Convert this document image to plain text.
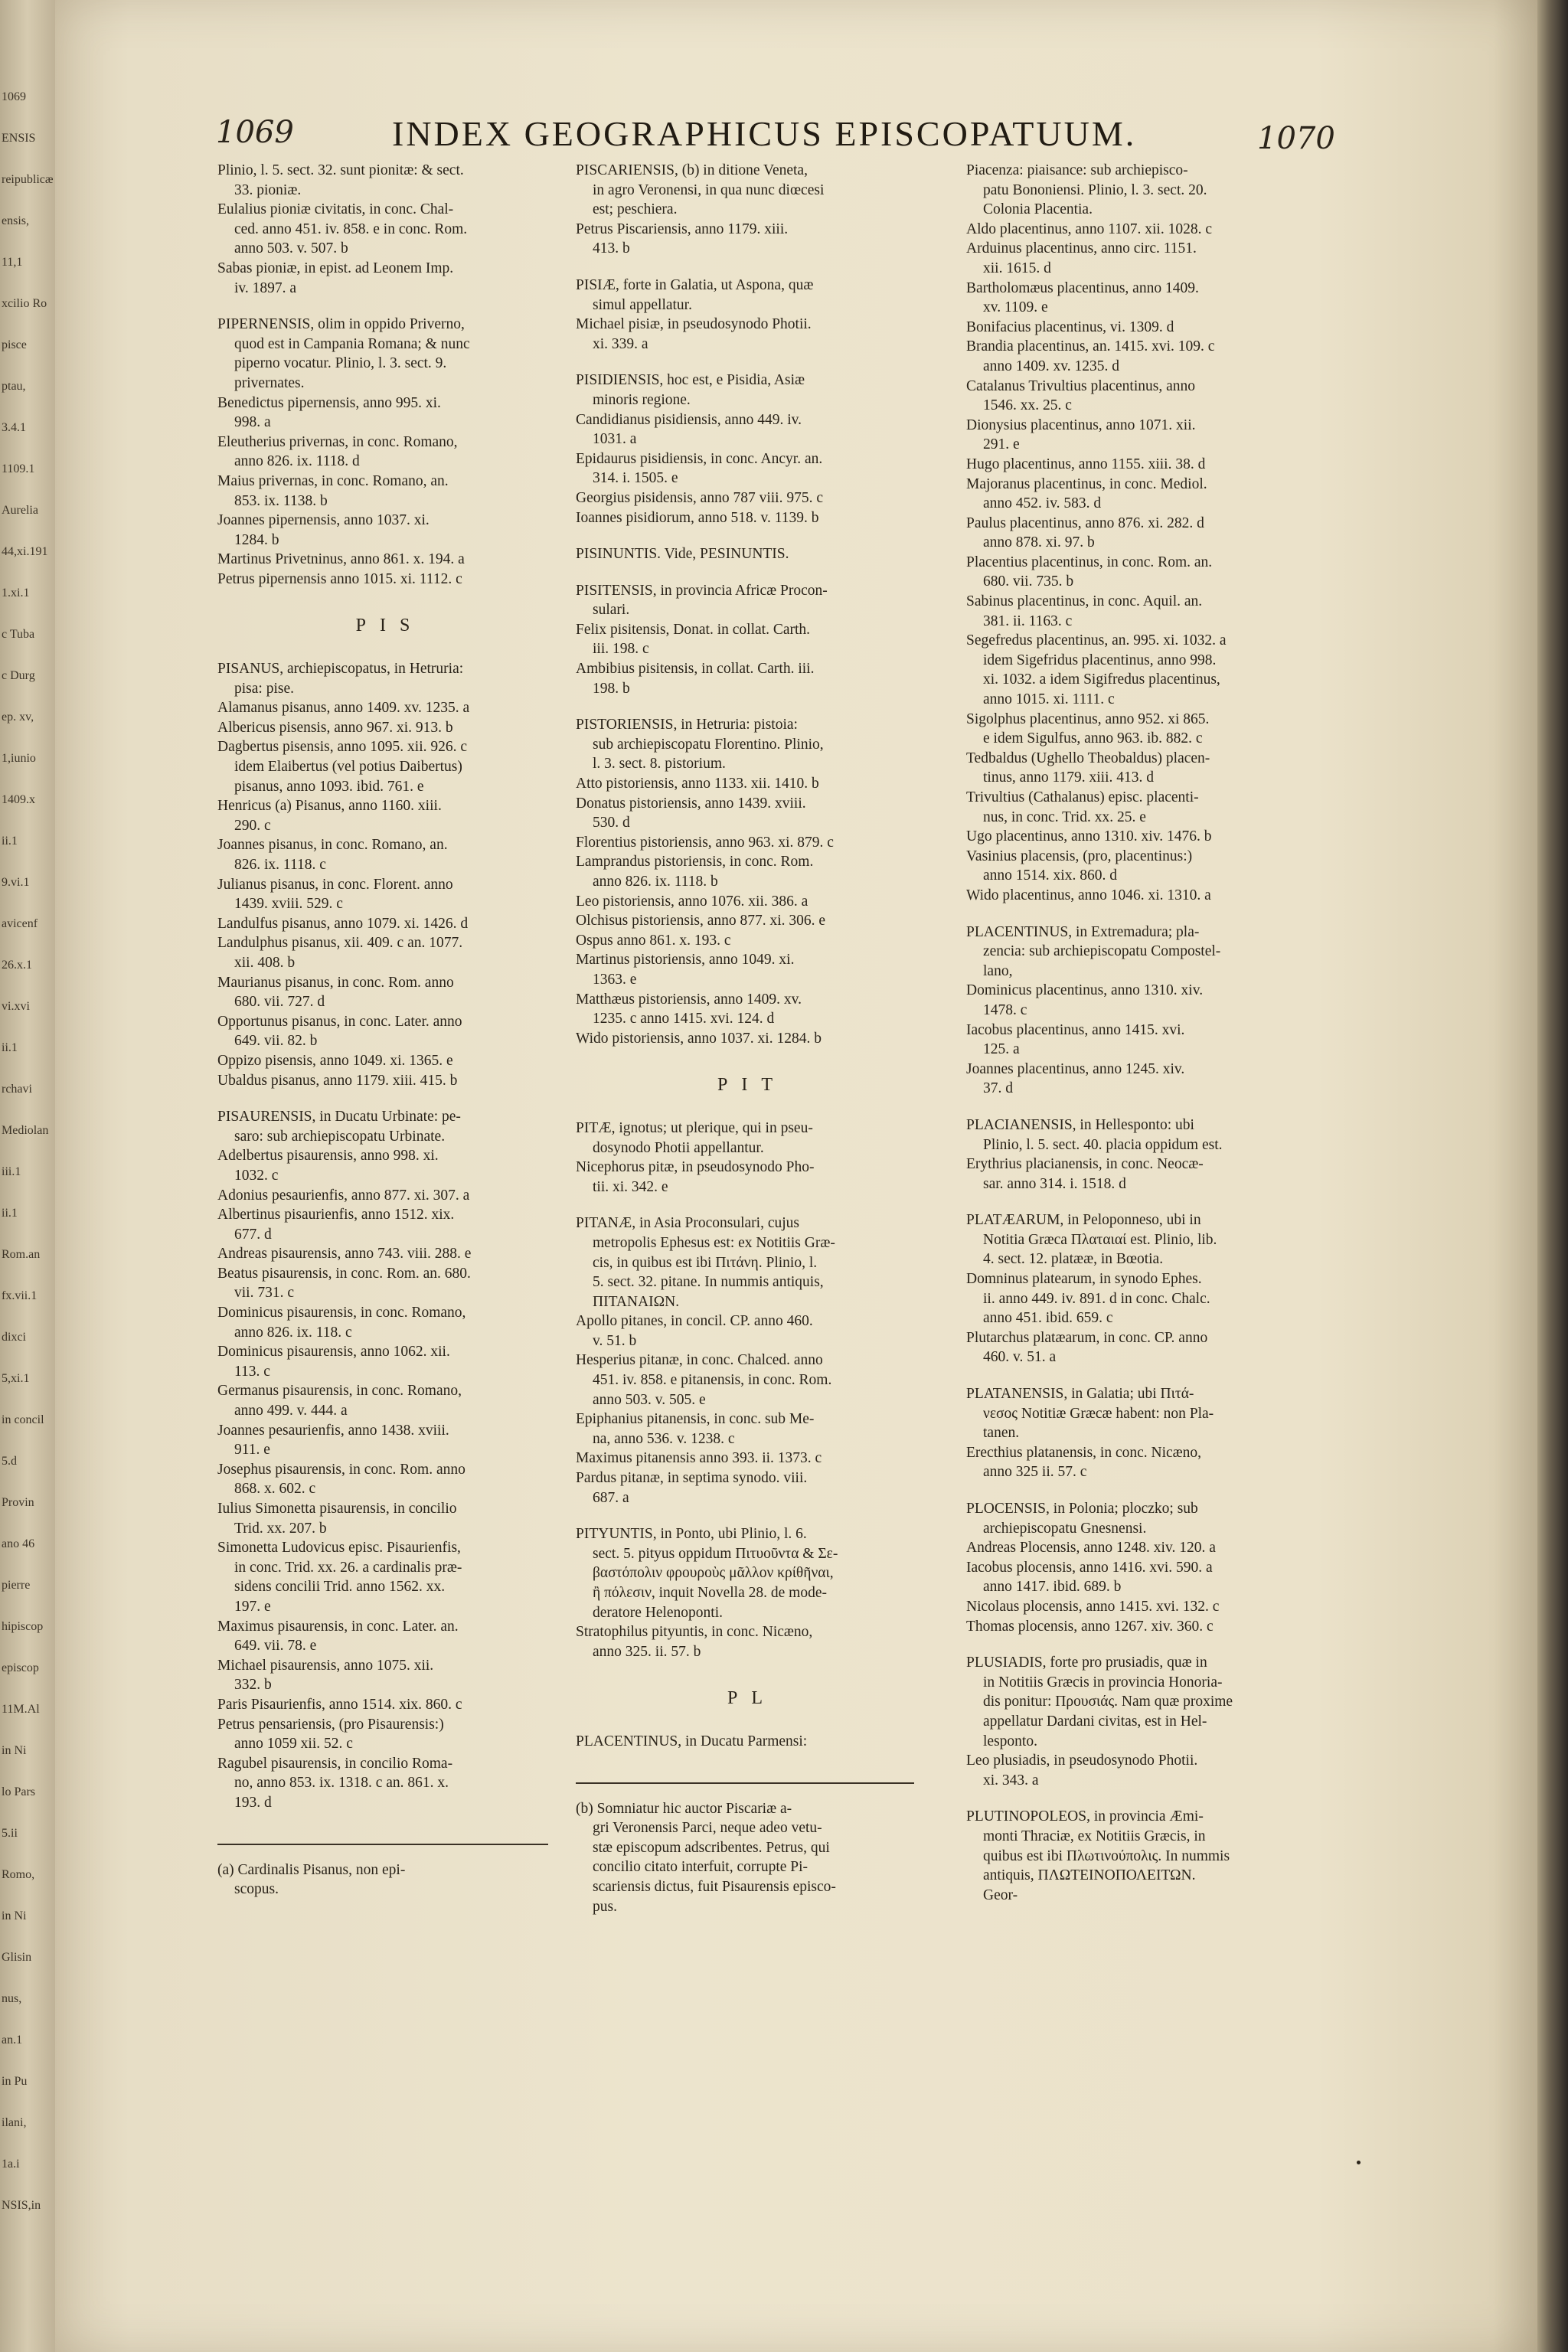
1069
ENSIS
reipublicæ
ensis,
11,1
xcilio Ro
pisce
ptau,
3.4.1
1109.1
Aurelia
44,xi.191
1.xi.1
c Tuba
c Durg
ep. xv,
1,iunio
1409.x
ii.1
9.vi.1
avicenf
26.x.1
vi.xvi
ii.1
rchavi
Mediolan
iii.1
ii.1
Rom.an
fx.vii.1
dixci
5,xi.1
in concil
5.d
Provin
ano 46
pierre
hipiscop
episcop
11M.Al
in Ni
lo Pars
5.ii
Romo,
in Ni
Glisin
nus,
an.1
in Pu
ilani,
1a.i
NSIS,in
1069	INDEX GEOGRAPHICUS EPISCOPATUUM.	1070
Plinio, l. 5. sect. 32. sunt pionitæ: & sect.
33. pioniæ.
Eulalius pioniæ civitatis, in conc. Chal-
ced. anno 451. iv. 858. e in conc. Rom.
anno 503. v. 507. b
Sabas pioniæ, in epist. ad Leonem Imp.
iv. 1897. a
PIPERNENSIS, olim in oppido Priverno,
quod est in Campania Romana; & nunc
piperno vocatur. Plinio, l. 3. sect. 9.
privernates.
Benedictus pipernensis, anno 995. xi.
998. a
Eleutherius privernas, in conc. Romano,
anno 826. ix. 1118. d
Maius privernas, in conc. Romano, an.
853. ix. 1138. b
Joannes pipernensis, anno 1037. xi.
1284. b
Martinus Privetninus, anno 861. x. 194. a
Petrus pipernensis anno 1015. xi. 1112. c
PIS
PISANUS, archiepiscopatus, in Hetruria:
pisa: pise.
Alamanus pisanus, anno 1409. xv. 1235. a
Albericus pisensis, anno 967. xi. 913. b
Dagbertus pisensis, anno 1095. xii. 926. c
idem Elaibertus (vel potius Daibertus)
pisanus, anno 1093. ibid. 761. e
Henricus (a) Pisanus, anno 1160. xiii.
290. c
Joannes pisanus, in conc. Romano, an.
826. ix. 1118. c
Julianus pisanus, in conc. Florent. anno
1439. xviii. 529. c
Landulfus pisanus, anno 1079. xi. 1426. d
Landulphus pisanus, xii. 409. c an. 1077.
xii. 408. b
Maurianus pisanus, in conc. Rom. anno
680. vii. 727. d
Opportunus pisanus, in conc. Later. anno
649. vii. 82. b
Oppizo pisensis, anno 1049. xi. 1365. e
Ubaldus pisanus, anno 1179. xiii. 415. b
PISAURENSIS, in Ducatu Urbinate: pe-
saro: sub archiepiscopatu Urbinate.
Adelbertus pisaurensis, anno 998. xi.
1032. c
Adonius pesaurienfis, anno 877. xi. 307. a
Albertinus pisaurienfis, anno 1512. xix.
677. d
Andreas pisaurensis, anno 743. viii. 288. e
Beatus pisaurensis, in conc. Rom. an. 680.
vii. 731. c
Dominicus pisaurensis, in conc. Romano,
anno 826. ix. 118. c
Dominicus pisaurensis, anno 1062. xii.
113. c
Germanus pisaurensis, in conc. Romano,
anno 499. v. 444. a
Joannes pesaurienfis, anno 1438. xviii.
911. e
Josephus pisaurensis, in conc. Rom. anno
868. x. 602. c
Iulius Simonetta pisaurensis, in concilio
Trid. xx. 207. b
Simonetta Ludovicus episc. Pisaurienfis,
in conc. Trid. xx. 26. a cardinalis præ-
sidens concilii Trid. anno 1562. xx.
197. e
Maximus pisaurensis, in conc. Later. an.
649. vii. 78. e
Michael pisaurensis, anno 1075. xii.
332. b
Paris Pisaurienfis, anno 1514. xix. 860. c
Petrus pensariensis, (pro Pisaurensis:)
anno 1059 xii. 52. c
Ragubel pisaurensis, in concilio Roma-
no, anno 853. ix. 1318. c an. 861. x.
193. d
(a) Cardinalis Pisanus, non epi-
scopus.
PISCARIENSIS, (b) in ditione Veneta,
in agro Veronensi, in qua nunc diœcesi
est; peschiera.
Petrus Piscariensis, anno 1179. xiii.
413. b
PISIÆ, forte in Galatia, ut Aspona, quæ
simul appellatur.
Michael pisiæ, in pseudosynodo Photii.
xi. 339. a
PISIDIENSIS, hoc est, e Pisidia, Asiæ
minoris regione.
Candidianus pisidiensis, anno 449. iv.
1031. a
Epidaurus pisidiensis, in conc. Ancyr. an.
314. i. 1505. e
Georgius pisidensis, anno 787 viii. 975. c
Ioannes pisidiorum, anno 518. v. 1139. b
PISINUNTIS. Vide, PESINUNTIS.
PISITENSIS, in provincia Africæ Procon-
sulari.
Felix pisitensis, Donat. in collat. Carth.
iii. 198. c
Ambibius pisitensis, in collat. Carth. iii.
198. b
PISTORIENSIS, in Hetruria: pistoia:
sub archiepiscopatu Florentino. Plinio,
l. 3. sect. 8. pistorium.
Atto pistoriensis, anno 1133. xii. 1410. b
Donatus pistoriensis, anno 1439. xviii.
530. d
Florentius pistoriensis, anno 963. xi. 879. c
Lamprandus pistoriensis, in conc. Rom.
anno 826. ix. 1118. b
Leo pistoriensis, anno 1076. xii. 386. a
Olchisus pistoriensis, anno 877. xi. 306. e
Ospus anno 861. x. 193. c
Martinus pistoriensis, anno 1049. xi.
1363. e
Matthæus pistoriensis, anno 1409. xv.
1235. c anno 1415. xvi. 124. d
Wido pistoriensis, anno 1037. xi. 1284. b
PIT
PITÆ, ignotus; ut plerique, qui in pseu-
dosynodo Photii appellantur.
Nicephorus pitæ, in pseudosynodo Pho-
tii. xi. 342. e
PITANÆ, in Asia Proconsulari, cujus
metropolis Ephesus est: ex Notitiis Græ-
cis, in quibus est ibi Πιτάνη. Plinio, l.
5. sect. 32. pitane. In nummis antiquis,
ΠΙΤΑΝΑΙΩΝ.
Apollo pitanes, in concil. CP. anno 460.
v. 51. b
Hesperius pitanæ, in conc. Chalced. anno
451. iv. 858. e pitanensis, in conc. Rom.
anno 503. v. 505. e
Epiphanius pitanensis, in conc. sub Me-
na, anno 536. v. 1238. c
Maximus pitanensis anno 393. ii. 1373. c
Pardus pitanæ, in septima synodo. viii.
687. a
PITYUNTIS, in Ponto, ubi Plinio, l. 6.
sect. 5. pityus oppidum Πιτυοῦντα & Σε-
βαστόπολιν φρουροὺς μᾶλλον κρίθῆναι,
ἢ πόλεσιν, inquit Novella 28. de mode-
deratore Helenoponti.
Stratophilus pityuntis, in conc. Nicæno,
anno 325. ii. 57. b
PL
PLACENTINUS, in Ducatu Parmensi:
(b) Somniatur hic auctor Piscariæ a-
gri Veronensis Parci, neque adeo vetu-
stæ episcopum adscribentes. Petrus, qui
concilio citato interfuit, corrupte Pi-
scariensis dictus, fuit Pisaurensis episco-
pus.
Piacenza: piaisance: sub archiepisco-
patu Bononiensi. Plinio, l. 3. sect. 20.
Colonia Placentia.
Aldo placentinus, anno 1107. xii. 1028. c
Arduinus placentinus, anno circ. 1151.
xii. 1615. d
Bartholomæus placentinus, anno 1409.
xv. 1109. e
Bonifacius placentinus, vi. 1309. d
Brandia placentinus, an. 1415. xvi. 109. c
anno 1409. xv. 1235. d
Catalanus Trivultius placentinus, anno
1546. xx. 25. c
Dionysius placentinus, anno 1071. xii.
291. e
Hugo placentinus, anno 1155. xiii. 38. d
Majoranus placentinus, in conc. Mediol.
anno 452. iv. 583. d
Paulus placentinus, anno 876. xi. 282. d
anno 878. xi. 97. b
Placentius placentinus, in conc. Rom. an.
680. vii. 735. b
Sabinus placentinus, in conc. Aquil. an.
381. ii. 1163. c
Segefredus placentinus, an. 995. xi. 1032. a
idem Sigefridus placentinus, anno 998.
xi. 1032. a idem Sigifredus placentinus,
anno 1015. xi. 1111. c
Sigolphus placentinus, anno 952. xi 865.
e idem Sigulfus, anno 963. ib. 882. c
Tedbaldus (Ughello Theobaldus) placen-
tinus, anno 1179. xiii. 413. d
Trivultius (Cathalanus) episc. placenti-
nus, in conc. Trid. xx. 25. e
Ugo placentinus, anno 1310. xiv. 1476. b
Vasinius placensis, (pro, placentinus:)
anno 1514. xix. 860. d
Wido placentinus, anno 1046. xi. 1310. a
PLACENTINUS, in Extremadura; pla-
zencia: sub archiepiscopatu Compostel-
lano,
Dominicus placentinus, anno 1310. xiv.
1478. c
Iacobus placentinus, anno 1415. xvi.
125. a
Joannes placentinus, anno 1245. xiv.
37. d
PLACIANENSIS, in Hellesponto: ubi
Plinio, l. 5. sect. 40. placia oppidum est.
Erythrius placianensis, in conc. Neocæ-
sar. anno 314. i. 1518. d
PLATÆARUM, in Peloponneso, ubi in
Notitia Græca Πλαταιαί est. Plinio, lib.
4. sect. 12. platææ, in Bœotia.
Domninus platearum, in synodo Ephes.
ii. anno 449. iv. 891. d in conc. Chalc.
anno 451. ibid. 659. c
Plutarchus platæarum, in conc. CP. anno
460. v. 51. a
PLATANENSIS, in Galatia; ubi Πιτά-
νεσος Notitiæ Græcæ habent: non Pla-
tanen.
Erecthius platanensis, in conc. Nicæno,
anno 325 ii. 57. c
PLOCENSIS, in Polonia; ploczko; sub
archiepiscopatu Gnesnensi.
Andreas Plocensis, anno 1248. xiv. 120. a
Iacobus plocensis, anno 1416. xvi. 590. a
anno 1417. ibid. 689. b
Nicolaus plocensis, anno 1415. xvi. 132. c
Thomas plocensis, anno 1267. xiv. 360. c
PLUSIADIS, forte pro prusiadis, quæ in
in Notitiis Græcis in provincia Honoria-
dis ponitur: Προυσιάς. Nam quæ proxime
appellatur Dardani civitas, est in Hel-
lesponto.
Leo plusiadis, in pseudosynodo Photii.
xi. 343. a
PLUTINOPOLEOS, in provincia Æmi-
monti Thraciæ, ex Notitiis Græcis, in
quibus est ibi Πλωτινούπολις. In nummis
antiquis, ΠΛΩΤΕΙΝΟΠΟΛΕΙΤΩΝ.
Geor-
